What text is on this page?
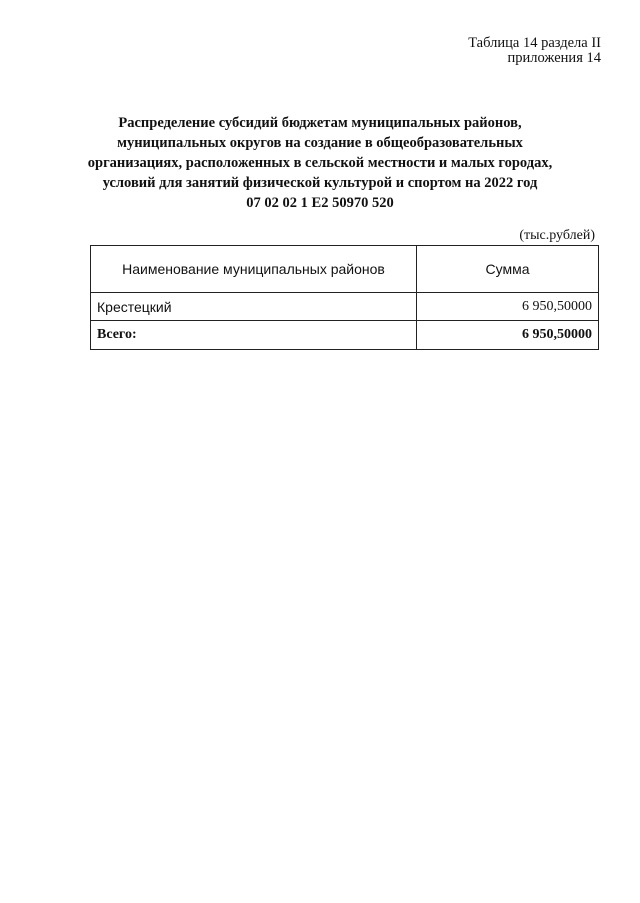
Таблица 14 раздела II
приложения 14
Распределение субсидий бюджетам муниципальных районов,
муниципальных округов на создание в общеобразовательных
организациях, расположенных в сельской местности и малых городах,
условий для занятий физической культурой и спортом на 2022 год
07 02 02 1 Е2 50970 520
(тыс.рублей)
Наименование муниципальных районов	Сумма
Крестецкий	6 950,50000
Всего:	6 950,50000
